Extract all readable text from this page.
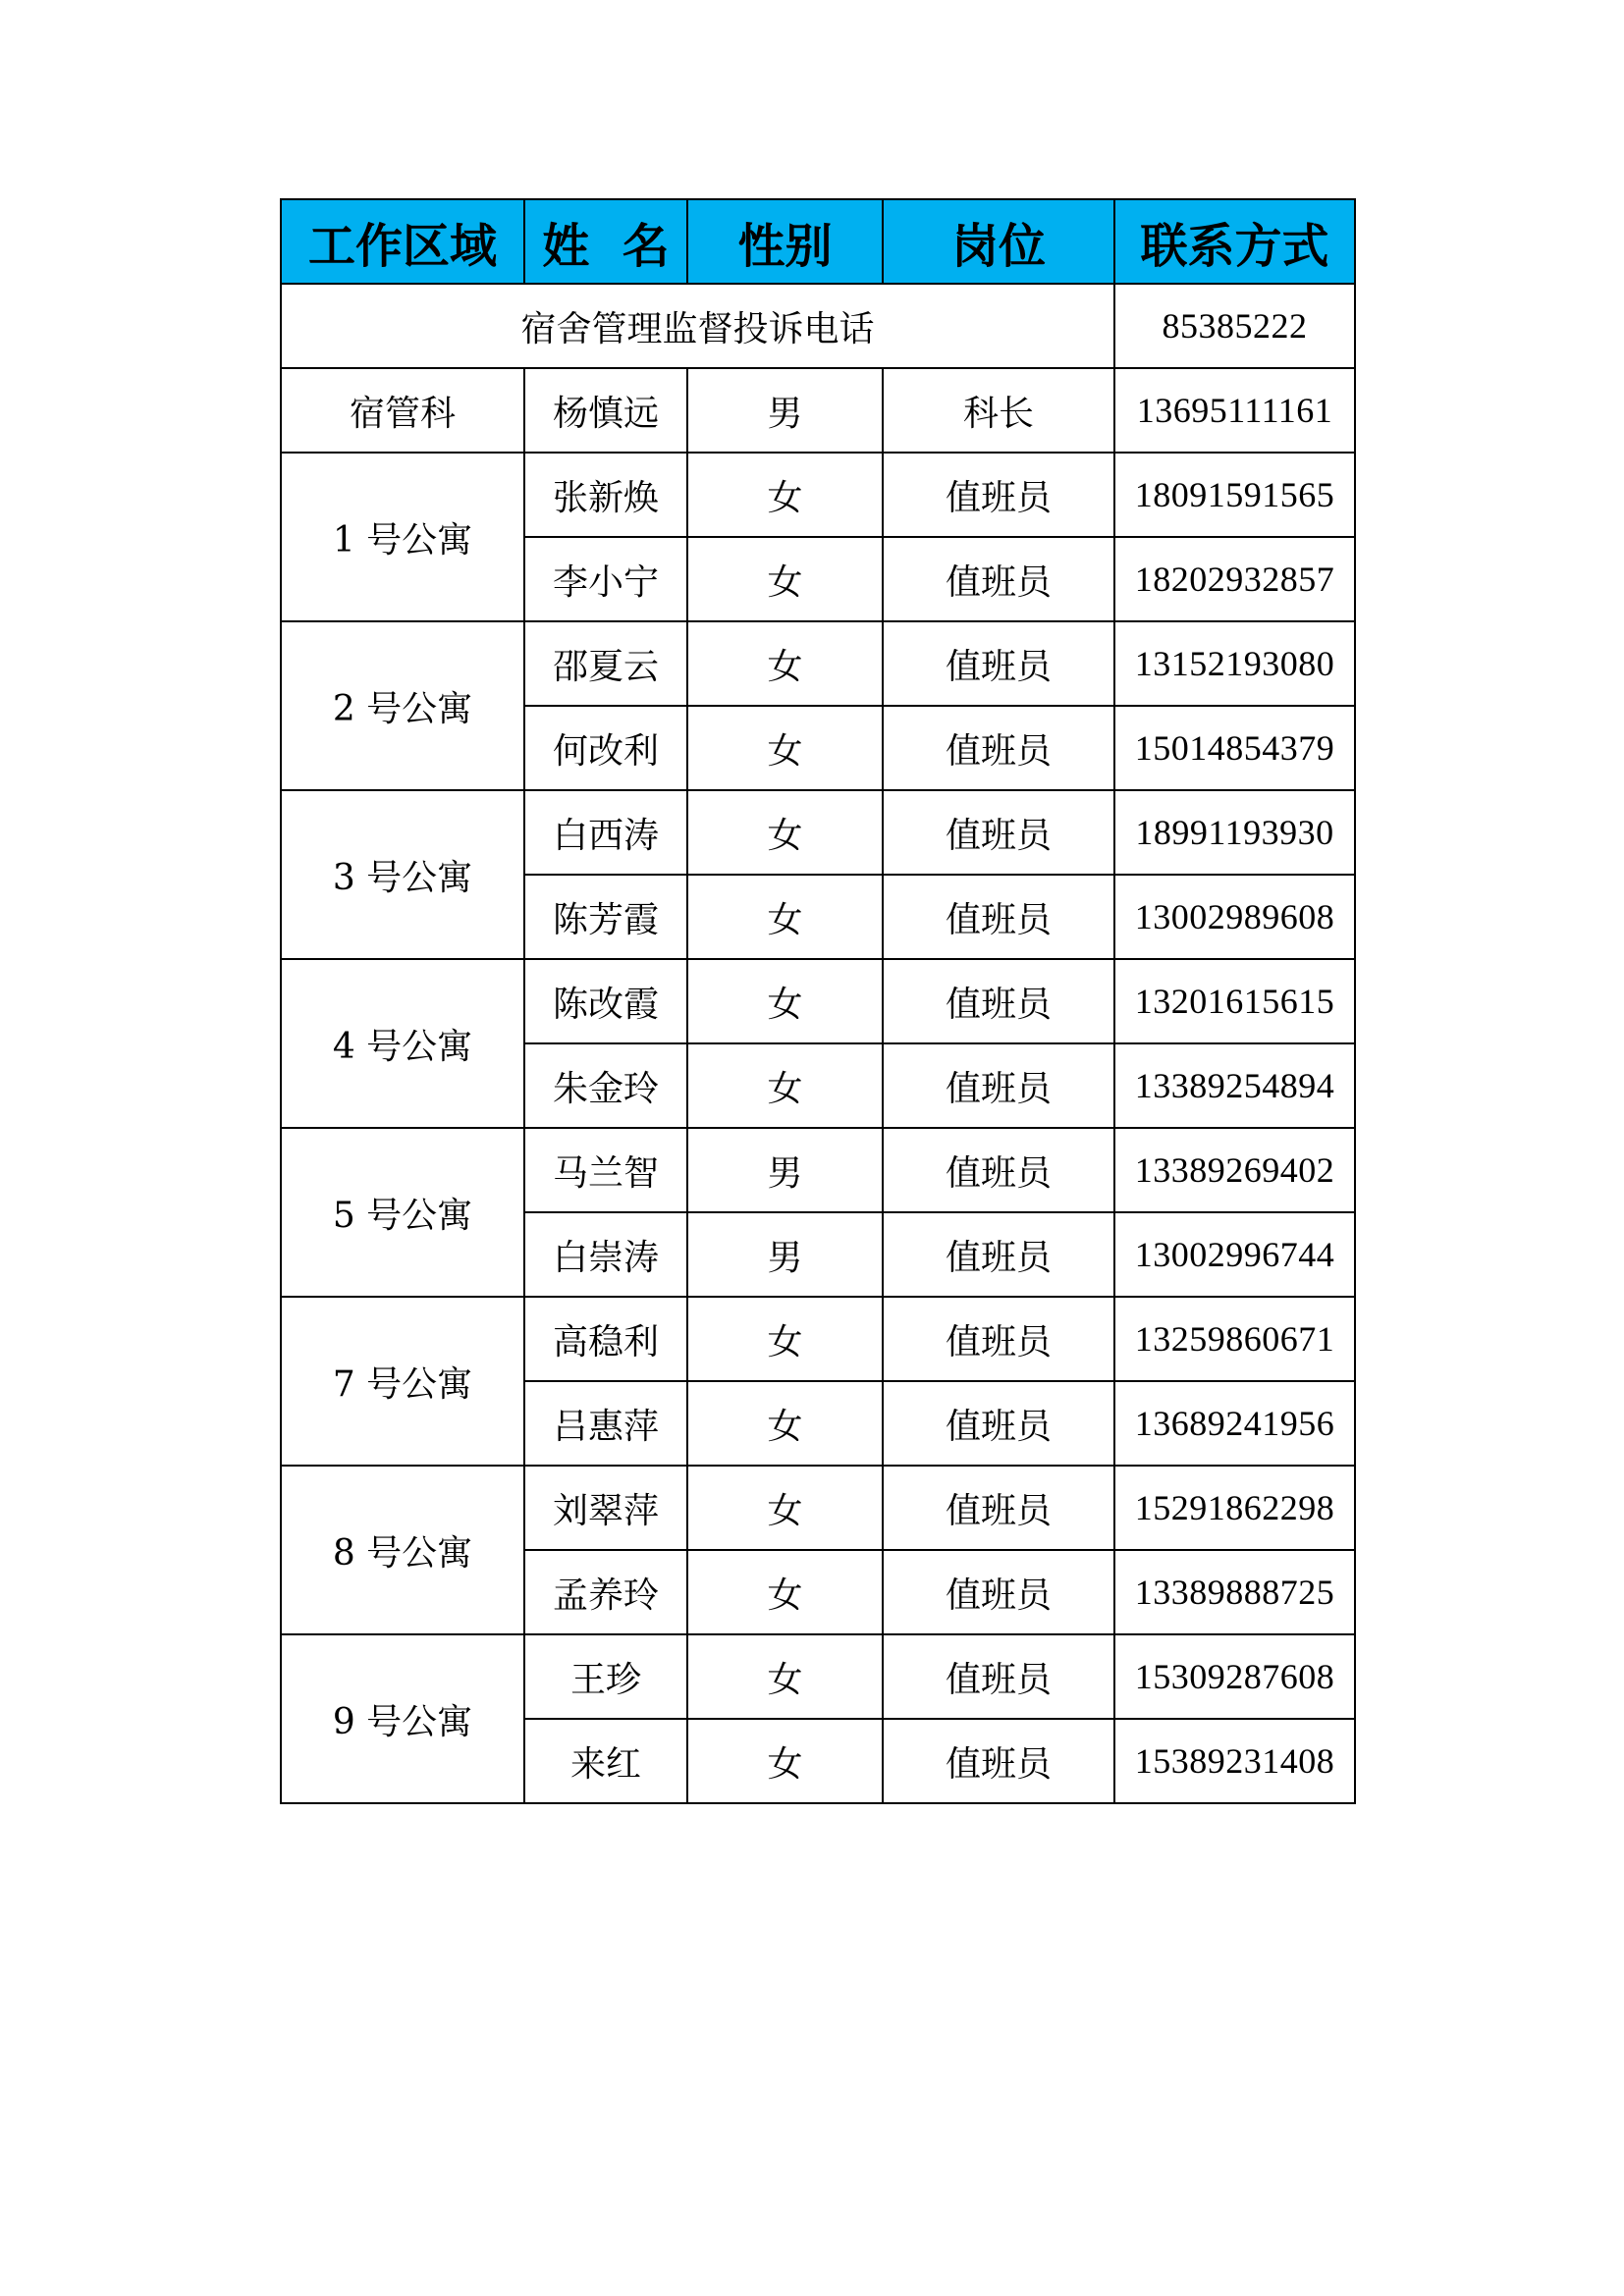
工作区域	姓  名	性别	岗位	联系方式
宿舍管理监督投诉电话				85385222
宿管科	杨慎远	男	科长	13695111161
1 号公寓	张新焕	女	值班员	18091591565
	李小宁	女	值班员	18202932857
2 号公寓	邵夏云	女	值班员	13152193080
	何改利	女	值班员	15014854379
3 号公寓	白西涛	女	值班员	18991193930
	陈芳霞	女	值班员	13002989608
4 号公寓	陈改霞	女	值班员	13201615615
	朱金玲	女	值班员	13389254894
5 号公寓	马兰智	男	值班员	13389269402
	白崇涛	男	值班员	13002996744
7 号公寓	高稳利	女	值班员	13259860671
	吕惠萍	女	值班员	13689241956
8 号公寓	刘翠萍	女	值班员	15291862298
	孟养玲	女	值班员	13389888725
9 号公寓	王珍	女	值班员	15309287608
	来红	女	值班员	15389231408
